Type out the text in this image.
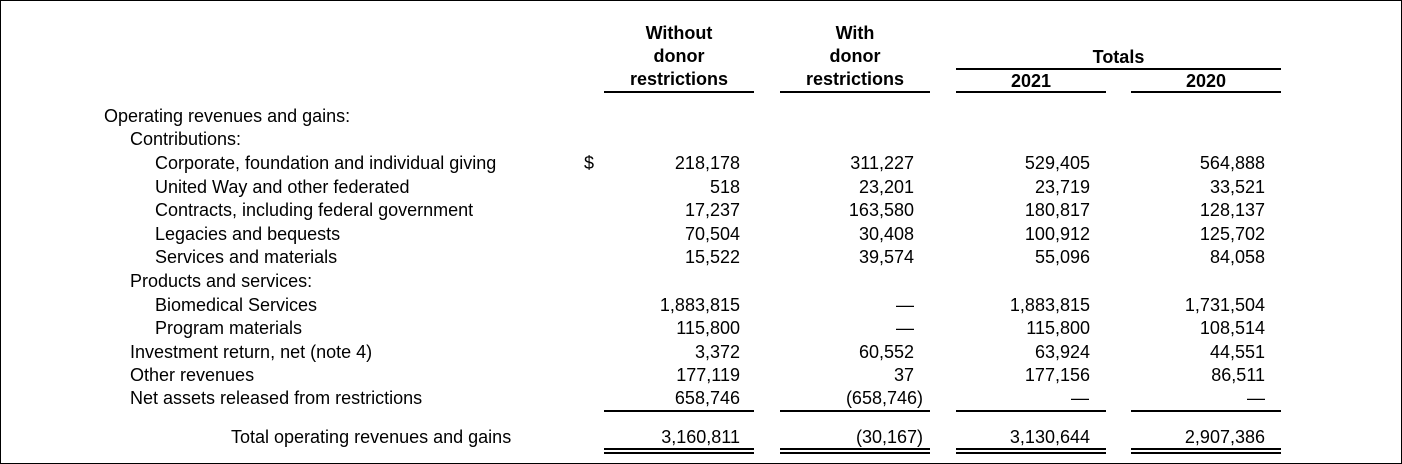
Without
donor
restrictions
With
donor
restrictions
Totals
2021	2020
Operating revenues and gains:
Contributions:
Corporate, foundation and individual giving	$	218,178	311,227	529,405	564,888
United Way and other federated	518	23,201	23,719	33,521
Contracts, including federal government	17,237	163,580	180,817	128,137
Legacies and bequests	70,504	30,408	100,912	125,702
Services and materials	15,522	39,574	55,096	84,058
Products and services:
Biomedical Services	1,883,815	—	1,883,815	1,731,504
Program materials	115,800	—	115,800	108,514
Investment return, net (note 4)	3,372	60,552	63,924	44,551
Other revenues	177,119	37	177,156	86,511
Net assets released from restrictions	658,746	(658,746)	—	—
Total operating revenues and gains	3,160,811	(30,167)	3,130,644	2,907,386
